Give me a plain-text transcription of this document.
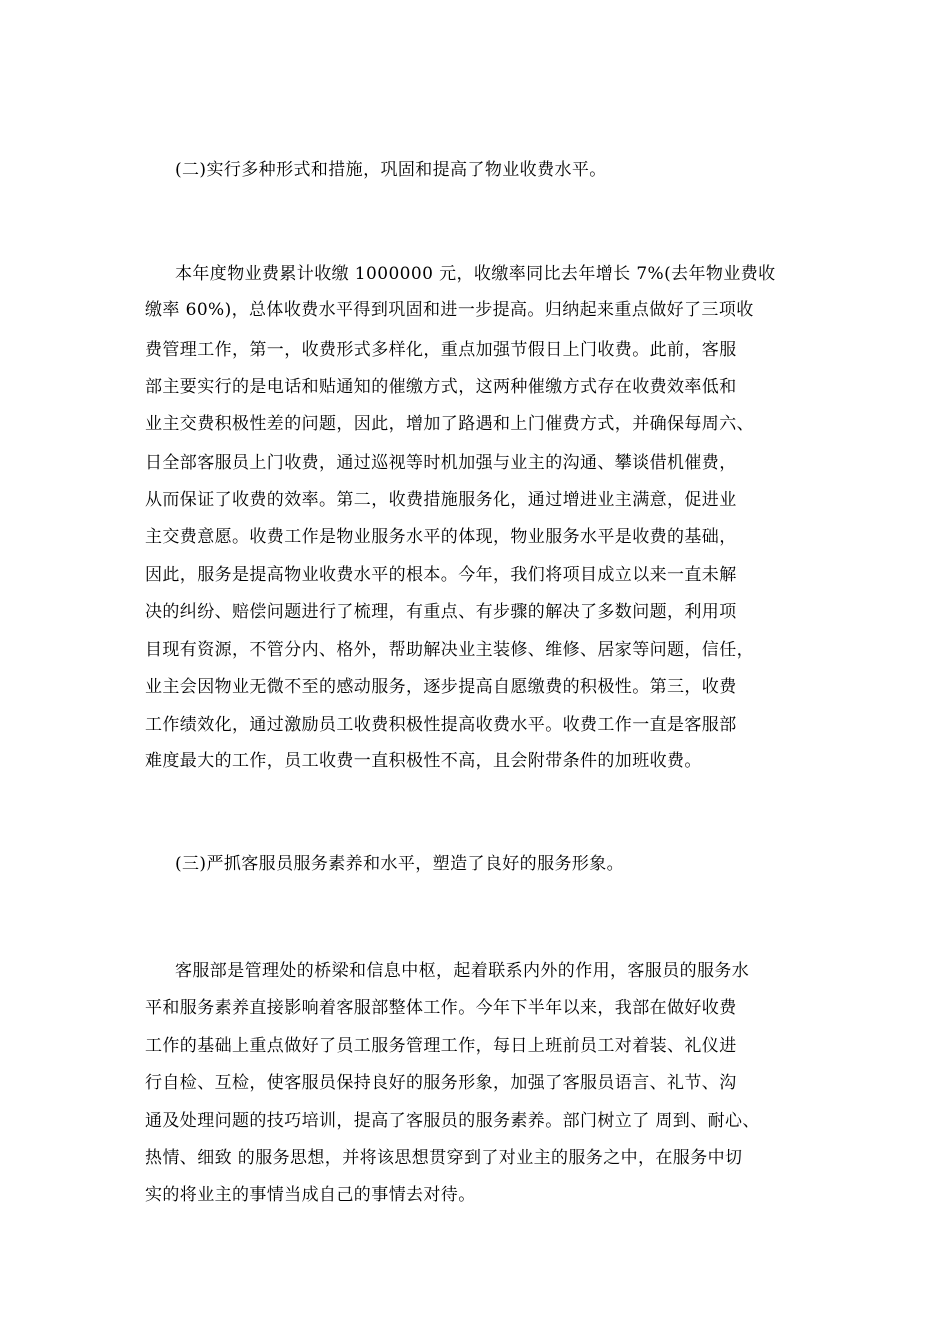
(二)实行多种形式和措施，巩固和提高了物业收费水平。
本年度物业费累计收缴 1000000 元，收缴率同比去年增长 7%(去年物业费收
缴率 60%)，总体收费水平得到巩固和进一步提高。归纳起来重点做好了三项收
费管理工作，第一，收费形式多样化，重点加强节假日上门收费。此前，客服
部主要实行的是电话和贴通知的催缴方式，这两种催缴方式存在收费效率低和
业主交费积极性差的问题，因此，增加了路遇和上门催费方式，并确保每周六、
日全部客服员上门收费，通过巡视等时机加强与业主的沟通、攀谈借机催费，
从而保证了收费的效率。第二，收费措施服务化，通过增进业主满意，促进业
主交费意愿。收费工作是物业服务水平的体现，物业服务水平是收费的基础，
因此，服务是提高物业收费水平的根本。今年，我们将项目成立以来一直未解
决的纠纷、赔偿问题进行了梳理，有重点、有步骤的解决了多数问题，利用项
目现有资源，不管分内、格外，帮助解决业主装修、维修、居家等问题，信任，
业主会因物业无微不至的感动服务，逐步提高自愿缴费的积极性。第三，收费
工作绩效化，通过激励员工收费积极性提高收费水平。收费工作一直是客服部
难度最大的工作，员工收费一直积极性不高，且会附带条件的加班收费。
(三)严抓客服员服务素养和水平，塑造了良好的服务形象。
客服部是管理处的桥梁和信息中枢，起着联系内外的作用，客服员的服务水
平和服务素养直接影响着客服部整体工作。今年下半年以来，我部在做好收费
工作的基础上重点做好了员工服务管理工作，每日上班前员工对着装、礼仪进
行自检、互检，使客服员保持良好的服务形象，加强了客服员语言、礼节、沟
通及处理问题的技巧培训，提高了客服员的服务素养。部门树立了 周到、耐心、
热情、细致 的服务思想，并将该思想贯穿到了对业主的服务之中，在服务中切
实的将业主的事情当成自己的事情去对待。
